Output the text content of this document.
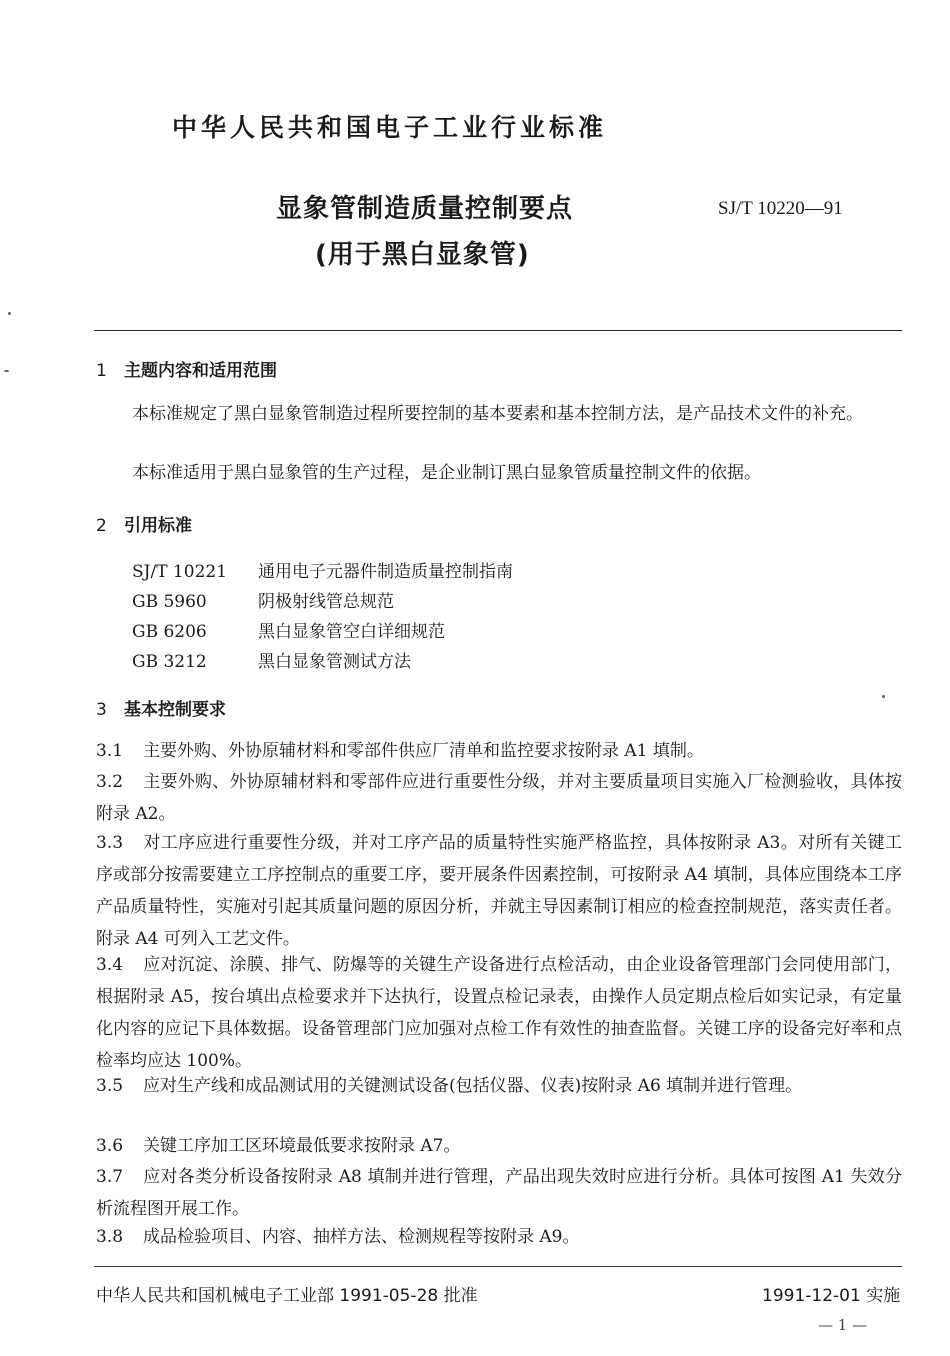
中华人民共和国电子工业行业标准
显象管制造质量控制要点
(用于黑白显象管)
SJ/T 10220—91
1 主题内容和适用范围
本标准规定了黑白显象管制造过程所要控制的基本要素和基本控制方法，是产品技术文件的补充。
本标准适用于黑白显象管的生产过程，是企业制订黑白显象管质量控制文件的依据。
2 引用标准
SJ/T 10221 通用电子元器件制造质量控制指南
GB 5960	阴极射线管总规范
GB 6206	黑白显象管空白详细规范
GB 3212	黑白显象管测试方法
3 基本控制要求
3.1 主要外购、外协原辅材料和零部件供应厂清单和监控要求按附录 A1 填制。
3.2 主要外购、外协原辅材料和零部件应进行重要性分级，并对主要质量项目实施入厂检测验收，具体按附录 A2。
3.3 对工序应进行重要性分级，并对工序产品的质量特性实施严格监控，具体按附录 A3。对所有关键工序或部分按需要建立工序控制点的重要工序，要开展条件因素控制，可按附录 A4 填制，具体应围绕本工序产品质量特性，实施对引起其质量问题的原因分析，并就主导因素制订相应的检查控制规范，落实责任者。附录 A4 可列入工艺文件。
3.4 应对沉淀、涂膜、排气、防爆等的关键生产设备进行点检活动，由企业设备管理部门会同使用部门，根据附录 A5，按台填出点检要求并下达执行，设置点检记录表，由操作人员定期点检后如实记录，有定量化内容的应记下具体数据。设备管理部门应加强对点检工作有效性的抽查监督。关键工序的设备完好率和点检率均应达 100%。
3.5 应对生产线和成品测试用的关键测试设备(包括仪器、仪表)按附录 A6 填制并进行管理。
3.6 关键工序加工区环境最低要求按附录 A7。
3.7 应对各类分析设备按附录 A8 填制并进行管理，产品出现失效时应进行分析。具体可按图 A1 失效分析流程图开展工作。
3.8 成品检验项目、内容、抽样方法、检测规程等按附录 A9。
中华人民共和国机械电子工业部 1991-05-28 批准	1991-12-01 实施
— 1 —
